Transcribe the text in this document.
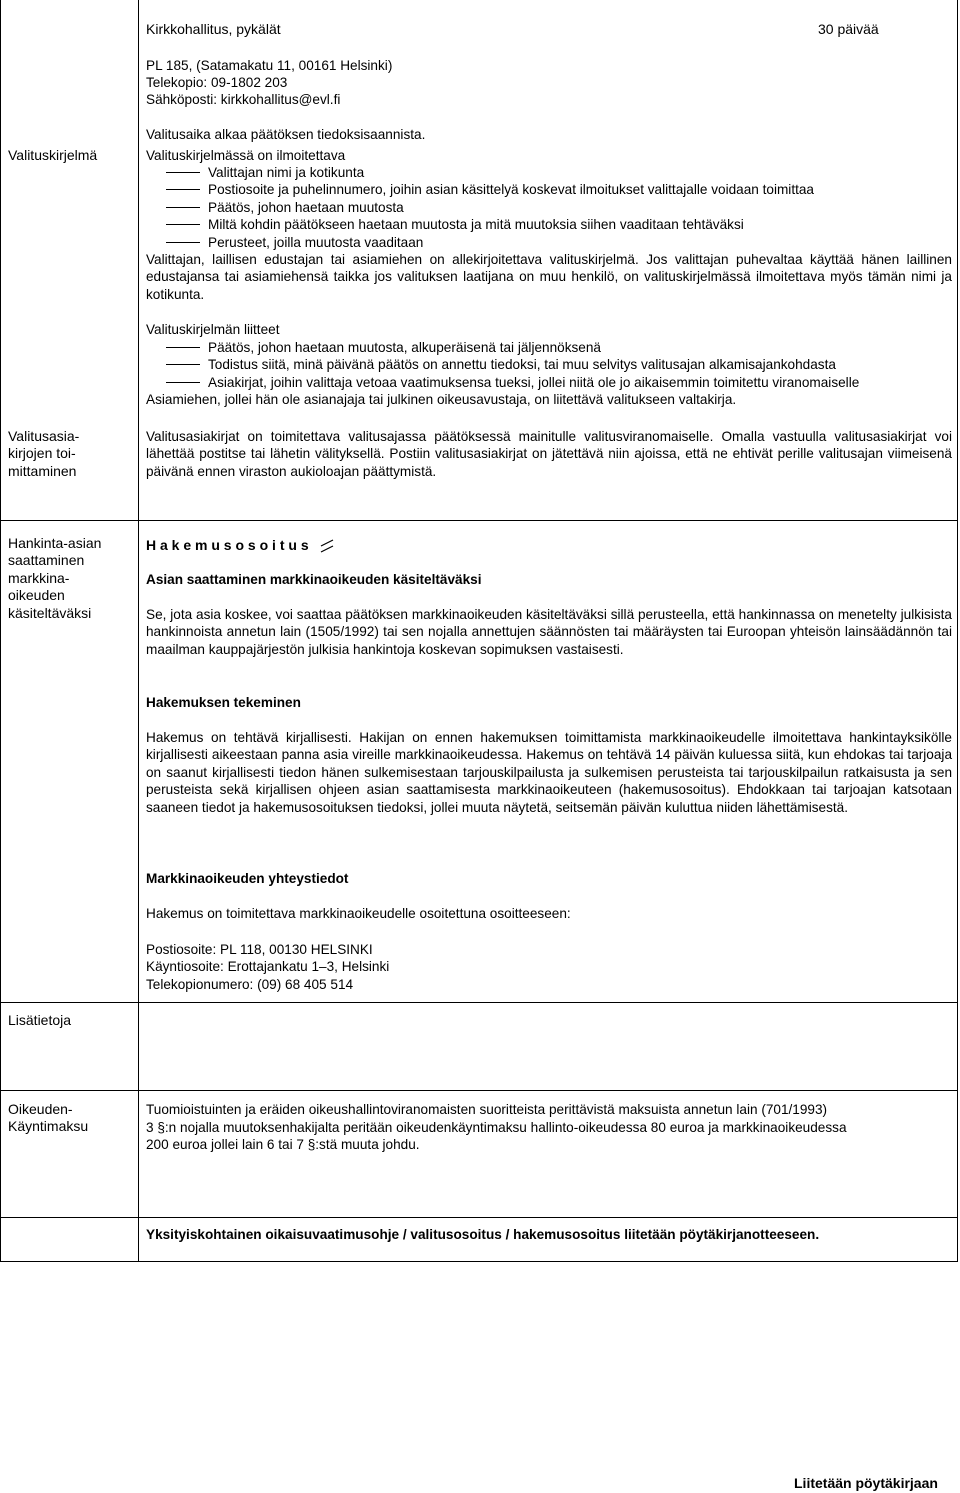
Kirkkohallitus, pykälät	30 päivää
PL 185, (Satamakatu 11, 00161 Helsinki)
Telekopio: 09-1802 203
Sähköposti: kirkkohallitus@evl.fi
Valitusaika alkaa päätöksen tiedoksisaannista.
Valituskirjelmä	Valituskirjelmässä on ilmoitettava
Valittajan nimi ja kotikunta
Postiosoite ja puhelinnumero, joihin asian käsittelyä koskevat ilmoitukset valittajalle voidaan toimittaa
Päätös, johon haetaan muutosta
Miltä kohdin päätökseen haetaan muutosta ja mitä muutoksia siihen vaaditaan tehtäväksi
Perusteet, joilla muutosta vaaditaan
Valittajan, laillisen edustajan tai asiamiehen on allekirjoitettava valituskirjelmä. Jos valittajan puhevaltaa käyttää hänen laillinen edustajansa tai asiamiehensä taikka jos valituksen laatijana on muu henkilö, on valituskirjelmässä ilmoitettava myös tämän nimi ja kotikunta.
Valituskirjelmän liitteet
Päätös, johon haetaan muutosta, alkuperäisenä tai jäljennöksenä
Todistus siitä, minä päivänä päätös on annettu tiedoksi, tai muu selvitys valitusajan alkamisajankohdasta
Asiakirjat, joihin valittaja vetoaa vaatimuksensa tueksi, jollei niitä ole jo aikaisemmin toimitettu viranomaiselle
Asiamiehen, jollei hän ole asianajaja tai julkinen oikeusavustaja, on liitettävä valitukseen valtakirja.
Valitusasia-
kirjojen toi-
mittaminen
Valitusasiakirjat on toimitettava valitusajassa päätöksessä mainitulle valitusviranomaiselle. Omalla vastuulla valitusasiakirjat voi lähettää postitse tai lähetin välityksellä. Postiin valitusasiakirjat on jätettävä niin ajoissa, että ne ehtivät perille valitusajan viimeisenä päivänä ennen viraston aukioloajan päättymistä.
Hankinta-asian
saattaminen
markkina-
oikeuden
käsiteltäväksi
H a k e m u s o s o i t u s
Asian saattaminen markkinaoikeuden käsiteltäväksi
Se, jota asia koskee, voi saattaa päätöksen markkinaoikeuden käsiteltäväksi sillä perusteella, että hankinnassa on menetelty julkisista hankinnoista annetun lain (1505/1992) tai sen nojalla annettujen säännösten tai määräysten tai Euroopan yhteisön lainsäädännön tai maailman kauppajärjestön julkisia hankintoja koskevan sopimuksen vastaisesti.
Hakemuksen tekeminen
Hakemus on tehtävä kirjallisesti. Hakijan on ennen hakemuksen toimittamista markkinaoikeudelle ilmoitettava hankintayksikölle kirjallisesti aikeestaan panna asia vireille markkinaoikeudessa. Hakemus on tehtävä 14 päivän kuluessa siitä, kun ehdokas tai tarjoaja on saanut kirjallisesti tiedon hänen sulkemisestaan tarjouskilpailusta ja sulkemisen perusteista tai tarjouskilpailun ratkaisusta ja sen perusteista sekä kirjallisen ohjeen asian saattamisesta markkinaoikeuteen (hakemusosoitus). Ehdokkaan tai tarjoajan katsotaan saaneen tiedot ja hakemusosoituksen tiedoksi, jollei muuta näytetä, seitsemän päivän kuluttua niiden lähettämisestä.
Markkinaoikeuden yhteystiedot
Hakemus on toimitettava markkinaoikeudelle osoitettuna osoitteeseen:
Postiosoite: PL 118, 00130 HELSINKI
Käyntiosoite: Erottajankatu 1–3, Helsinki
Telekopionumero: (09) 68 405 514
Lisätietoja
Oikeuden-
Käyntimaksu
Tuomioistuinten ja eräiden oikeushallintoviranomaisten suoritteista perittävistä maksuista annetun lain (701/1993)
3 §:n nojalla muutoksenhakijalta peritään oikeudenkäyntimaksu hallinto-oikeudessa 80 euroa ja markkinaoikeudessa
200 euroa jollei lain 6 tai 7 §:stä muuta johdu.
Yksityiskohtainen oikaisuvaatimusohje / valitusosoitus / hakemusosoitus liitetään pöytäkirjanotteeseen.
Liitetään pöytäkirjaan
